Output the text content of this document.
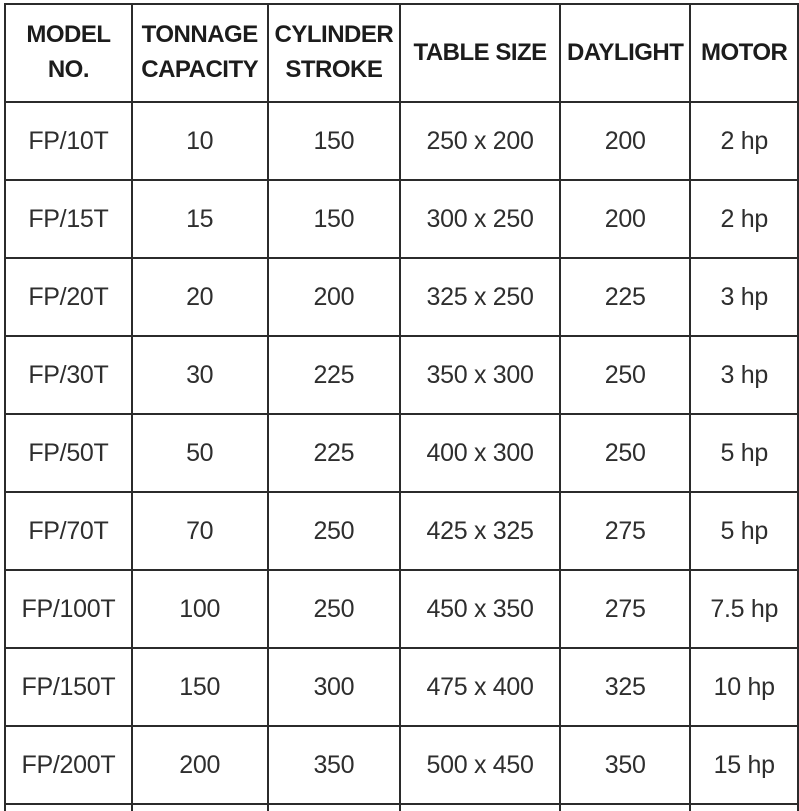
MODEL NO.	TONNAGE CAPACITY	CYLINDER STROKE	TABLE SIZE	DAYLIGHT	MOTOR
FP/10T	10	150	250 x 200	200	2 hp
FP/15T	15	150	300 x 250	200	2 hp
FP/20T	20	200	325 x 250	225	3 hp
FP/30T	30	225	350 x 300	250	3 hp
FP/50T	50	225	400 x 300	250	5 hp
FP/70T	70	250	425 x 325	275	5 hp
FP/100T	100	250	450 x 350	275	7.5 hp
FP/150T	150	300	475 x 400	325	10 hp
FP/200T	200	350	500 x 450	350	15 hp
